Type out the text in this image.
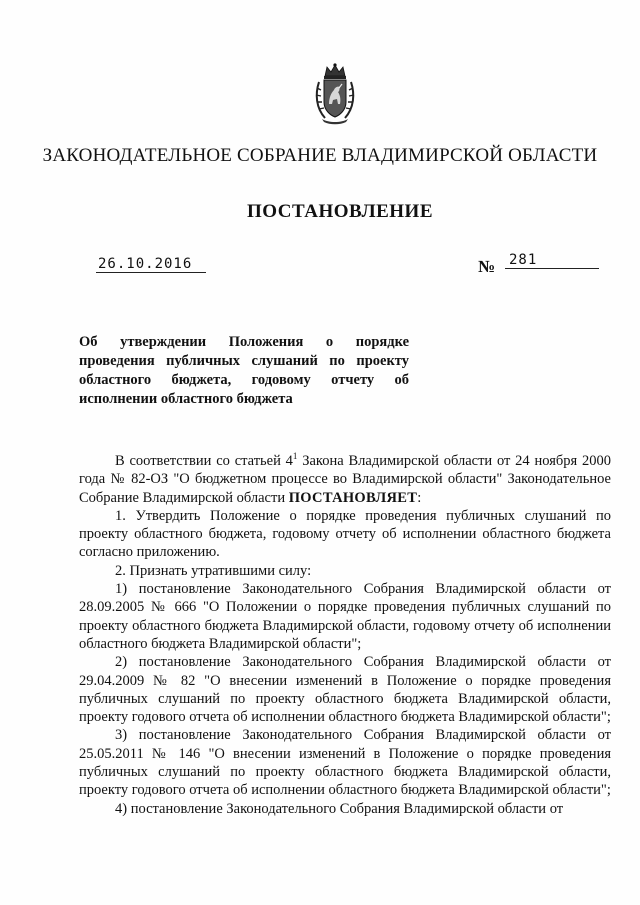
ЗАКОНОДАТЕЛЬНОЕ СОБРАНИЕ ВЛАДИМИРСКОЙ ОБЛАСТИ
ПОСТАНОВЛЕНИЕ
26.10.2016	№ 281
Об утверждении Положения о порядке
проведения публичных слушаний по проекту
областного бюджета, годовому отчету об
исполнении областного бюджета

В соответствии со статьей $4^1$ Закона Владимирской области от 24 ноября 2000 года № 82-ОЗ "О бюджетном процессе во Владимирской области" Законодательное Собрание Владимирской области ПОСТАНОВЛЯЕТ:

1. Утвердить Положение о порядке проведения публичных слушаний по проекту областного бюджета, годовому отчету об исполнении областного бюджета согласно приложению.

2. Признать утратившими силу:

1) постановление Законодательного Собрания Владимирской области от 28.09.2005 № 666 "О Положении о порядке проведения публичных слушаний по проекту областного бюджета Владимирской области, годовому отчету об исполнении областного бюджета Владимирской области";

2) постановление Законодательного Собрания Владимирской области от 29.04.2009 № 82 "О внесении изменений в Положение о порядке проведения публичных слушаний по проекту областного бюджета Владимирской области, проекту годового отчета об исполнении областного бюджета Владимирской области";

3) постановление Законодательного Собрания Владимирской области от 25.05.2011 № 146 "О внесении изменений в Положение о порядке проведения публичных слушаний по проекту областного бюджета Владимирской области, проекту годового отчета об исполнении областного бюджета Владимирской области";

4) постановление Законодательного Собрания Владимирской области от
